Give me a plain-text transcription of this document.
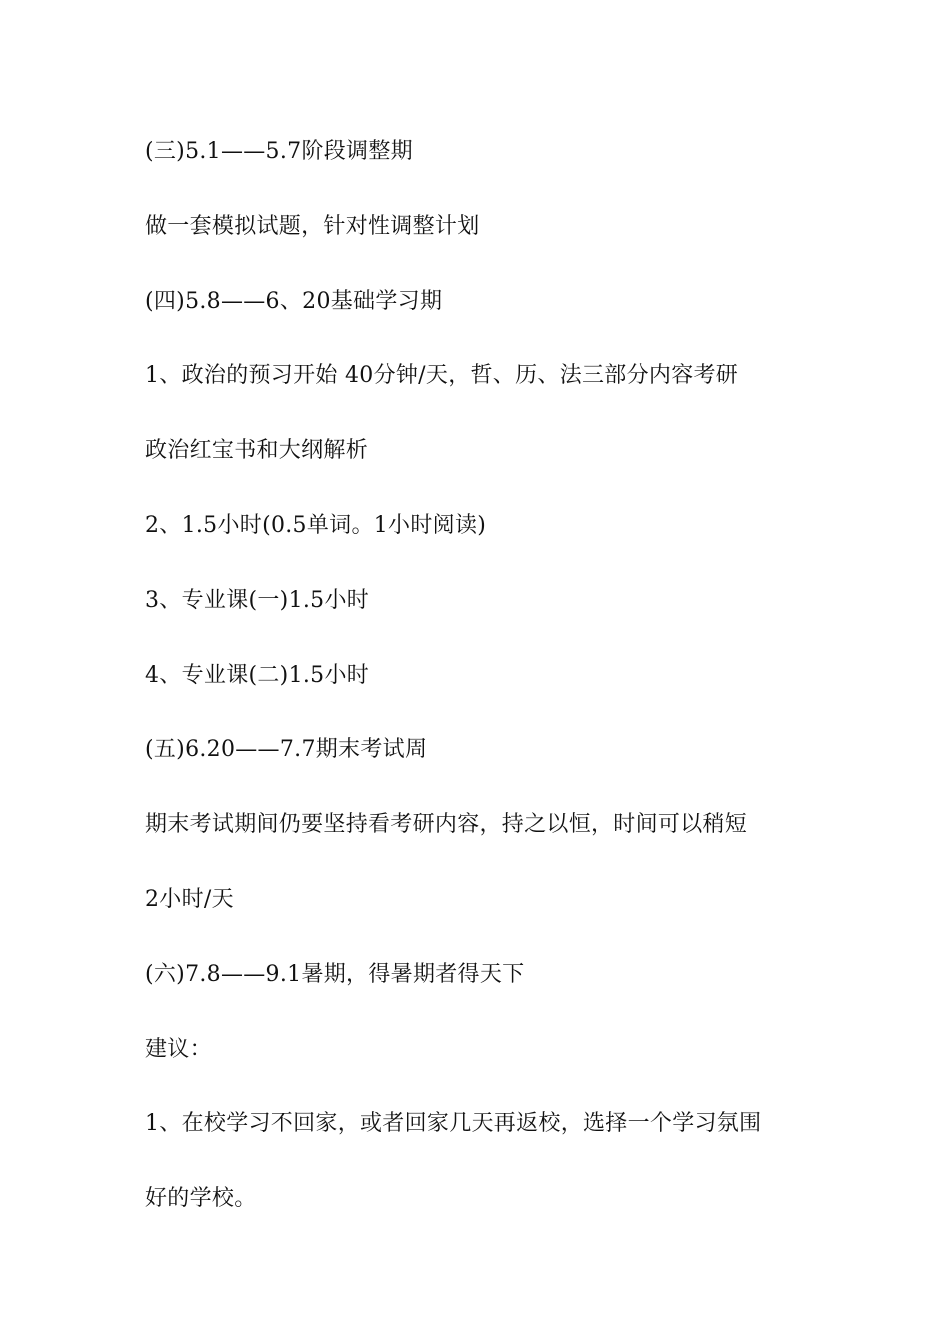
(三)5.1——5.7阶段调整期
做一套模拟试题，针对性调整计划
(四)5.8——6、20基础学习期
1、政治的预习开始 40分钟/天，哲、历、法三部分内容考研
政治红宝书和大纲解析
2、1.5小时(0.5单词。1小时阅读)
3、专业课(一)1.5小时
4、专业课(二)1.5小时
(五)6.20——7.7期末考试周
期末考试期间仍要坚持看考研内容，持之以恒，时间可以稍短
2小时/天
(六)7.8——9.1暑期，得暑期者得天下
建议：
1、在校学习不回家，或者回家几天再返校，选择一个学习氛围
好的学校。
